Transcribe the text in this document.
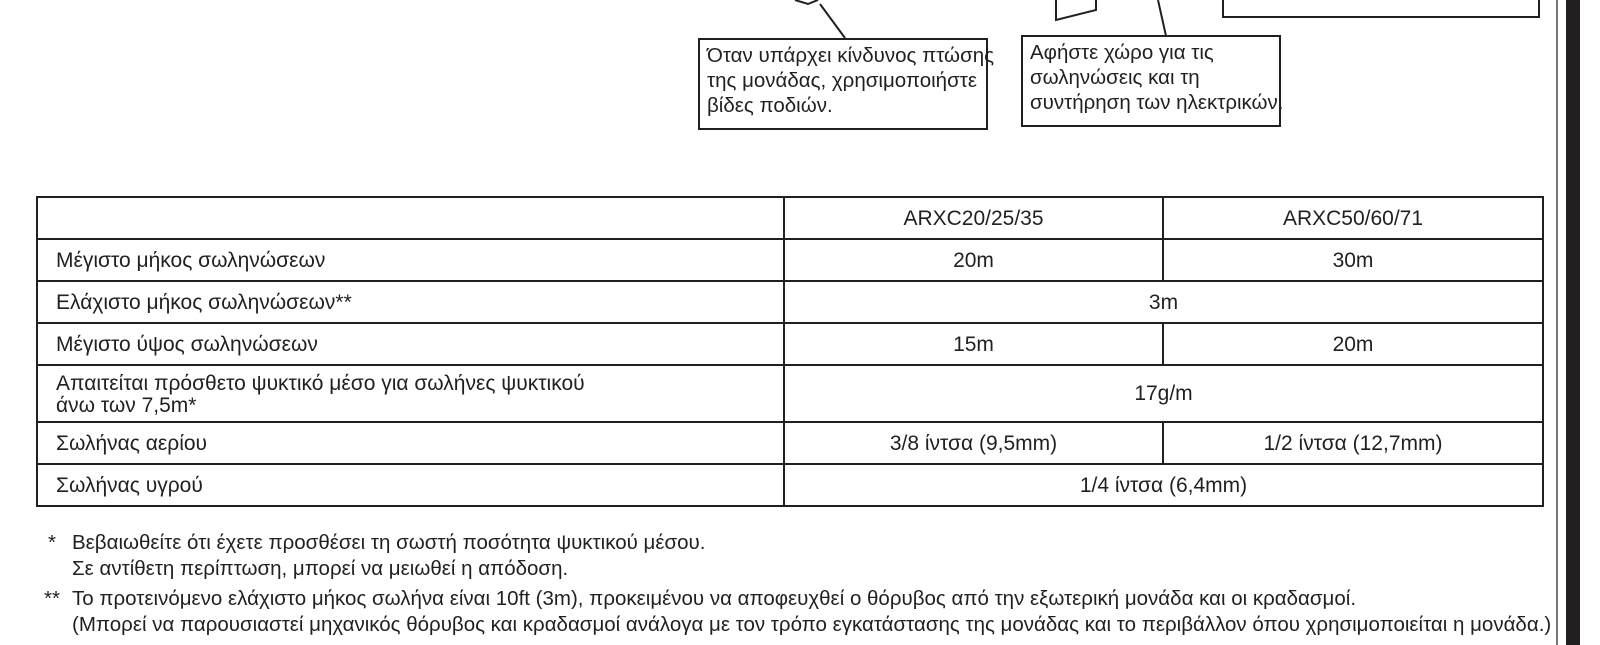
Όταν υπάρχει κίνδυνος πτώσης
της μονάδας, χρησιμοποιήστε
βίδες ποδιών.
Αφήστε χώρο για τις
σωληνώσεις και τη
συντήρηση των ηλεκτρικών.
	ARXC20/25/35	ARXC50/60/71
Μέγιστο μήκος σωληνώσεων	20m	30m
Ελάχιστο μήκος σωληνώσεων**	3m	
Μέγιστο ύψος σωληνώσεων	15m	20m

Απαιτείται πρόσθετο ψυκτικό μέσο για σωλήνες ψυκτικού
άνω των 7,5m*	17g/m	
Σωλήνας αερίου	3/8 ίντσα (9,5mm)	1/2 ίντσα (12,7mm)
Σωλήνας υγρού	1/4 ίντσα (6,4mm)	
* Βεβαιωθείτε ότι έχετε προσθέσει τη σωστή ποσότητα ψυκτικού μέσου.
Σε αντίθετη περίπτωση, μπορεί να μειωθεί η απόδοση.
** Το προτεινόμενο ελάχιστο μήκος σωλήνα είναι 10ft (3m), προκειμένου να αποφευχθεί ο θόρυβος από την εξωτερική μονάδα και οι κραδασμοί.
(Μπορεί να παρουσιαστεί μηχανικός θόρυβος και κραδασμοί ανάλογα με τον τρόπο εγκατάστασης της μονάδας και το περιβάλλον όπου χρησιμοποιείται η μονάδα.)
